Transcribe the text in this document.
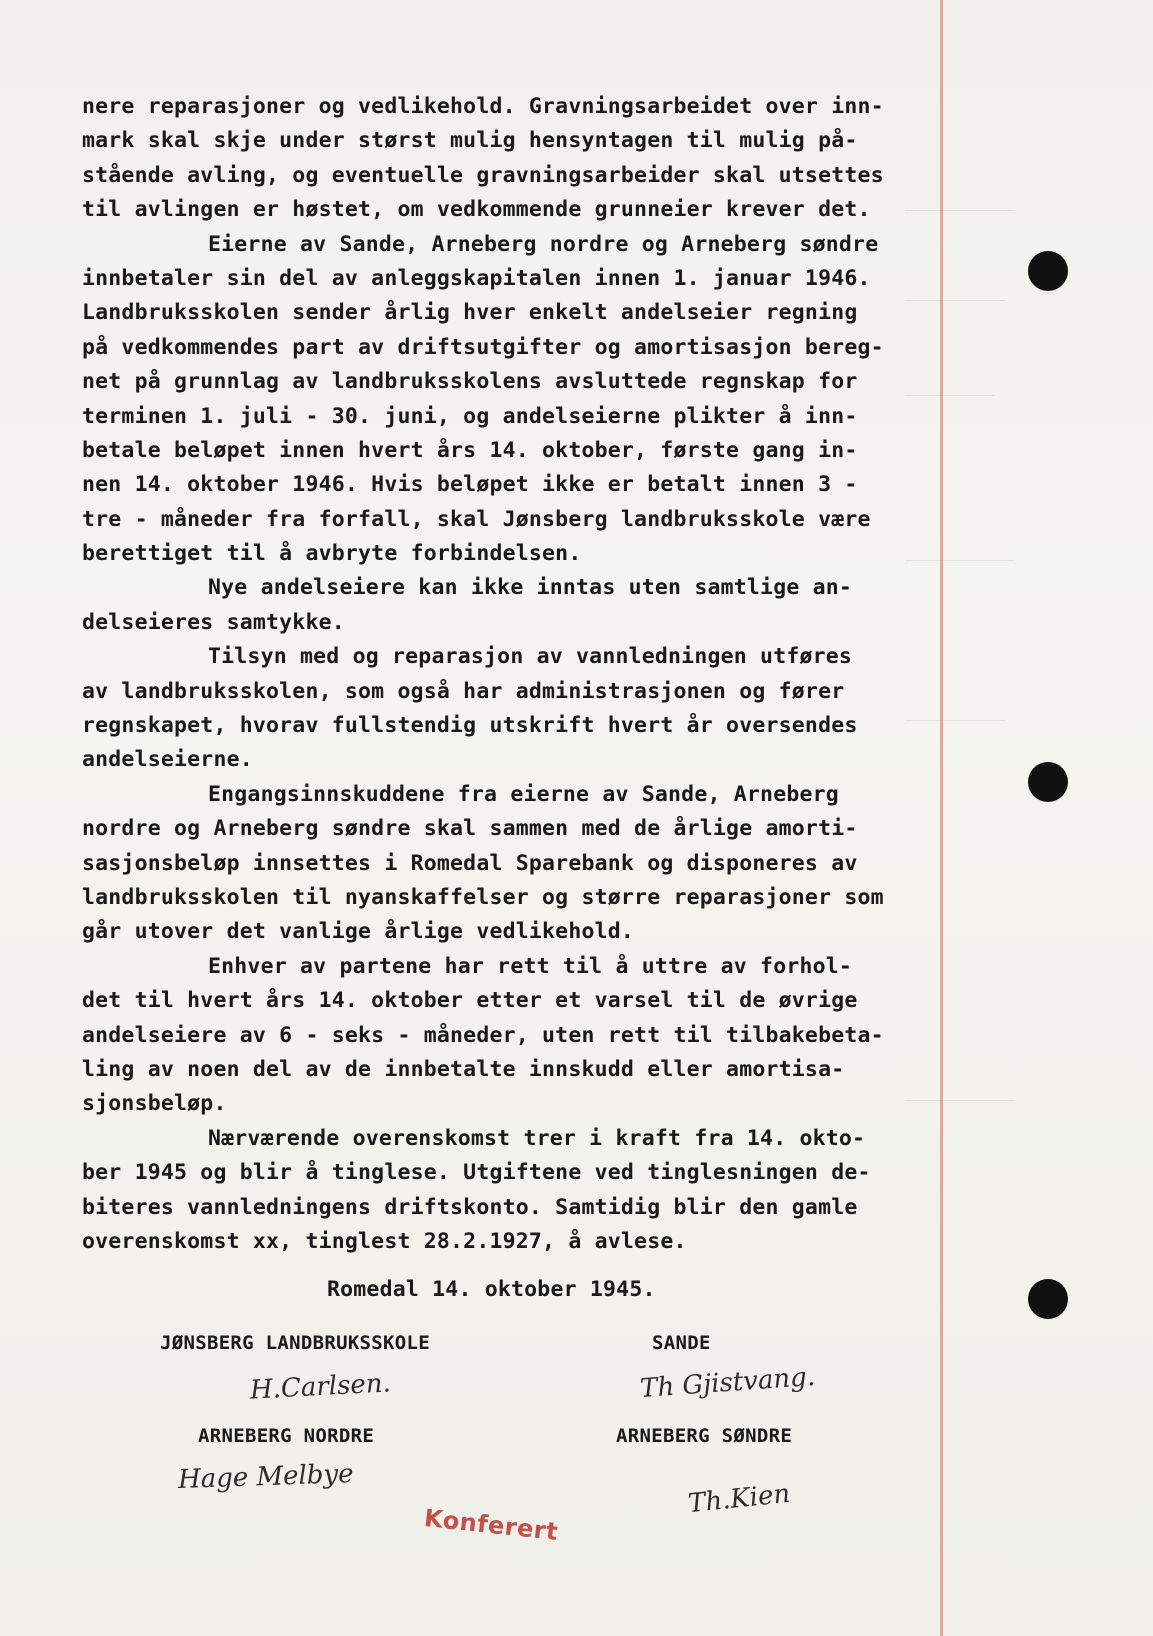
nere reparasjoner og vedlikehold. Gravningsarbeidet over inn-
mark skal skje under størst mulig hensyntagen til mulig på-
stående avling, og eventuelle gravningsarbeider skal utsettes
til avlingen er høstet, om vedkommende grunneier krever det.
Eierne av Sande, Arneberg nordre og Arneberg søndre
innbetaler sin del av anleggskapitalen innen 1. januar 1946.
Landbruksskolen sender årlig hver enkelt andelseier regning
på vedkommendes part av driftsutgifter og amortisasjon bereg-
net på grunnlag av landbruksskolens avsluttede regnskap for
terminen 1. juli - 30. juni, og andelseierne plikter å inn-
betale beløpet innen hvert års 14. oktober, første gang in-
nen 14. oktober 1946. Hvis beløpet ikke er betalt innen 3 -
tre - måneder fra forfall, skal Jønsberg landbruksskole være
berettiget til å avbryte forbindelsen.
Nye andelseiere kan ikke inntas uten samtlige an-
delseieres samtykke.
Tilsyn med og reparasjon av vannledningen utføres
av landbruksskolen, som også har administrasjonen og fører
regnskapet, hvorav fullstendig utskrift hvert år oversendes
andelseierne.
Engangsinnskuddene fra eierne av Sande, Arneberg
nordre og Arneberg søndre skal sammen med de årlige amorti-
sasjonsbeløp innsettes i Romedal Sparebank og disponeres av
landbruksskolen til nyanskaffelser og større reparasjoner som
går utover det vanlige årlige vedlikehold.
Enhver av partene har rett til å uttre av forhol-
det til hvert års 14. oktober etter et varsel til de øvrige
andelseiere av 6 - seks - måneder, uten rett til tilbakebeta-
ling av noen del av de innbetalte innskudd eller amortisa-
sjonsbeløp.
Nærværende overenskomst trer i kraft fra 14. okto-
ber 1945 og blir å tinglese. Utgiftene ved tinglesningen de-
biteres vannledningens driftskonto. Samtidig blir den gamle
overenskomst xx, tinglest 28.2.1927, å avlese.
Romedal 14. oktober 1945.
JØNSBERG LANDBRUKSSKOLE
H.Carlsen.
SANDE
Th Gjistvang.
ARNEBERG NORDRE
Hage Melbye
ARNEBERG SØNDRE
Th.Kien
Konferert
